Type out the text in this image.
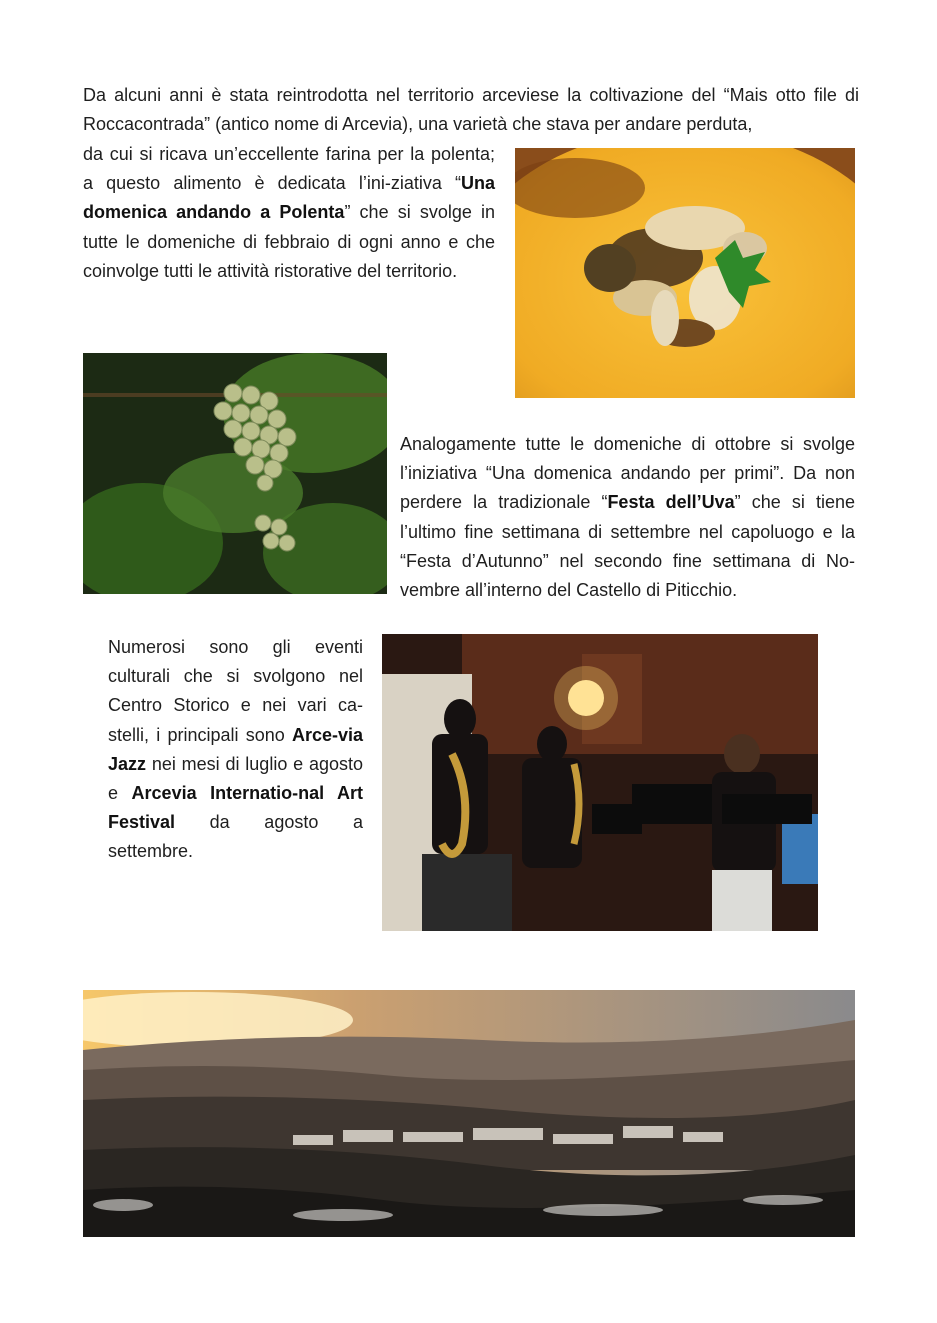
Da alcuni anni è stata reintrodotta nel territorio arceviese la coltivazione del “Mais otto file di Roccacontrada” (antico nome di Arcevia), una varietà che stava per andare perduta,

da cui si ricava un’eccellente farina per la polenta; a questo alimento è dedicata l’ini-ziativa “Una domenica andando a Polenta” che si svolge in tutte le domeniche di febbraio di ogni anno e che coinvolge tutti le attività ristorative del territorio.

Analogamente tutte le domeniche di ottobre si svolge l’iniziativa “Una domenica andando per primi”. Da non perdere la tradizionale “Festa dell’Uva” che si tiene l’ultimo fine settimana di settembre nel capoluogo e la “Festa d’Autunno” nel secondo fine settimana di No-vembre all’interno del Castello di Piticchio.

Numerosi sono gli eventi culturali che si svolgono nel Centro Storico e nei vari ca-stelli, i principali sono Arce-via Jazz nei mesi di luglio e agosto e Arcevia Internatio-nal Art Festival da agosto a settembre.
